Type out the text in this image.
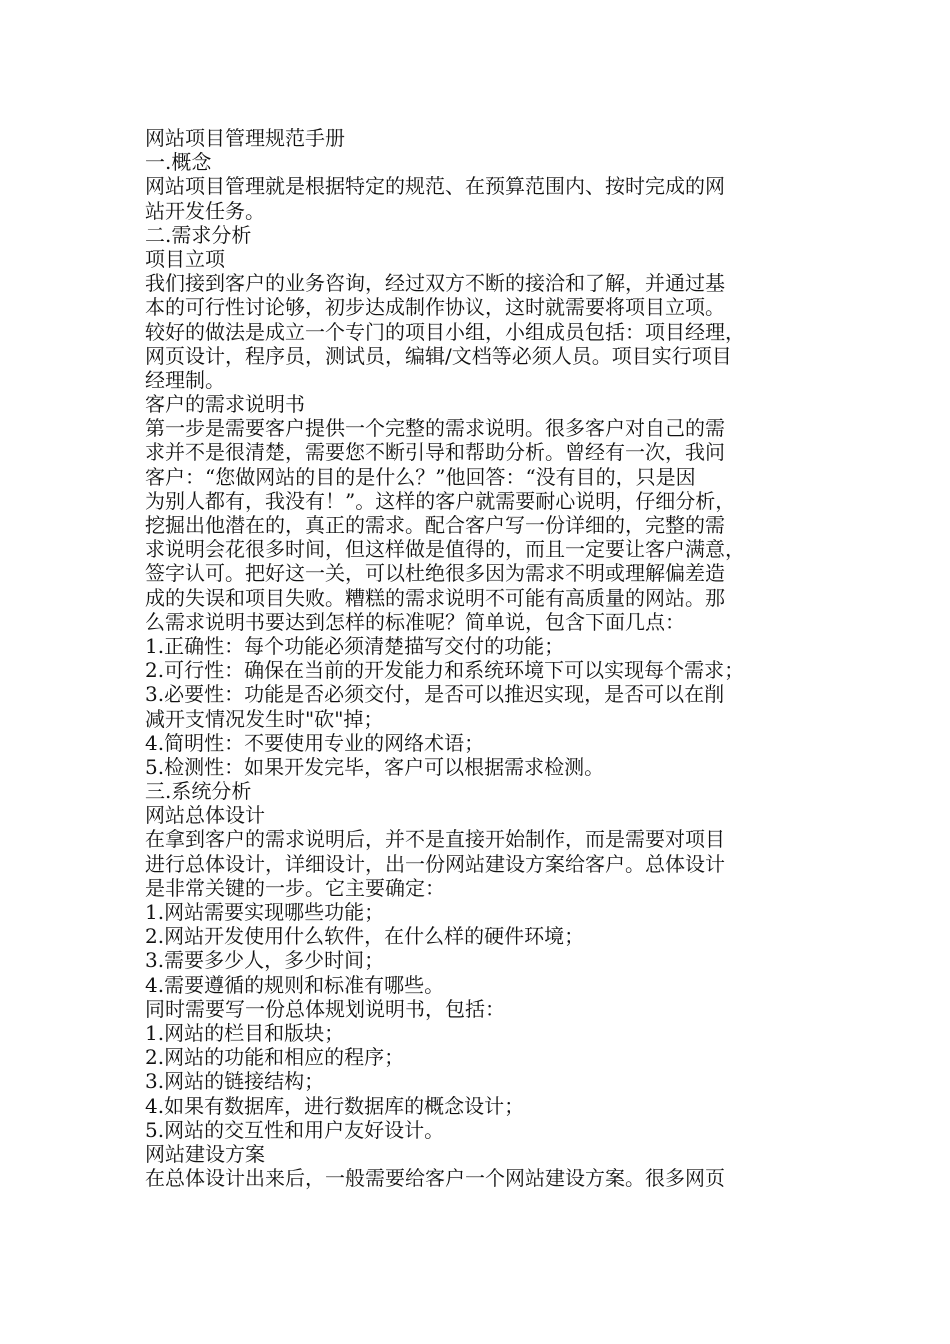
网站项目管理规范手册
一.概念
网站项目管理就是根据特定的规范、在预算范围内、按时完成的网
站开发任务。
二.需求分析
项目立项
我们接到客户的业务咨询，经过双方不断的接洽和了解，并通过基
本的可行性讨论够，初步达成制作协议，这时就需要将项目立项。
较好的做法是成立一个专门的项目小组，小组成员包括：项目经理，
网页设计，程序员，测试员，编辑/文档等必须人员。项目实行项目
经理制。
客户的需求说明书
第一步是需要客户提供一个完整的需求说明。很多客户对自己的需
求并不是很清楚，需要您不断引导和帮助分析。曾经有一次，我问
客户：“您做网站的目的是什么？”他回答：“没有目的，只是因
为别人都有，我没有！”。这样的客户就需要耐心说明，仔细分析，
挖掘出他潜在的，真正的需求。配合客户写一份详细的，完整的需
求说明会花很多时间，但这样做是值得的，而且一定要让客户满意，
签字认可。把好这一关，可以杜绝很多因为需求不明或理解偏差造
成的失误和项目失败。糟糕的需求说明不可能有高质量的网站。那
么需求说明书要达到怎样的标准呢？简单说，包含下面几点：
1.正确性：每个功能必须清楚描写交付的功能；
2.可行性：确保在当前的开发能力和系统环境下可以实现每个需求；
3.必要性：功能是否必须交付，是否可以推迟实现，是否可以在削
减开支情况发生时"砍"掉；
4.简明性：不要使用专业的网络术语；
5.检测性：如果开发完毕，客户可以根据需求检测。
三.系统分析
网站总体设计
在拿到客户的需求说明后，并不是直接开始制作，而是需要对项目
进行总体设计，详细设计，出一份网站建设方案给客户。总体设计
是非常关键的一步。它主要确定：
1.网站需要实现哪些功能；
2.网站开发使用什么软件，在什么样的硬件环境；
3.需要多少人，多少时间；
4.需要遵循的规则和标准有哪些。
同时需要写一份总体规划说明书，包括：
1.网站的栏目和版块；
2.网站的功能和相应的程序；
3.网站的链接结构；
4.如果有数据库，进行数据库的概念设计；
5.网站的交互性和用户友好设计。
网站建设方案
在总体设计出来后，一般需要给客户一个网站建设方案。很多网页
